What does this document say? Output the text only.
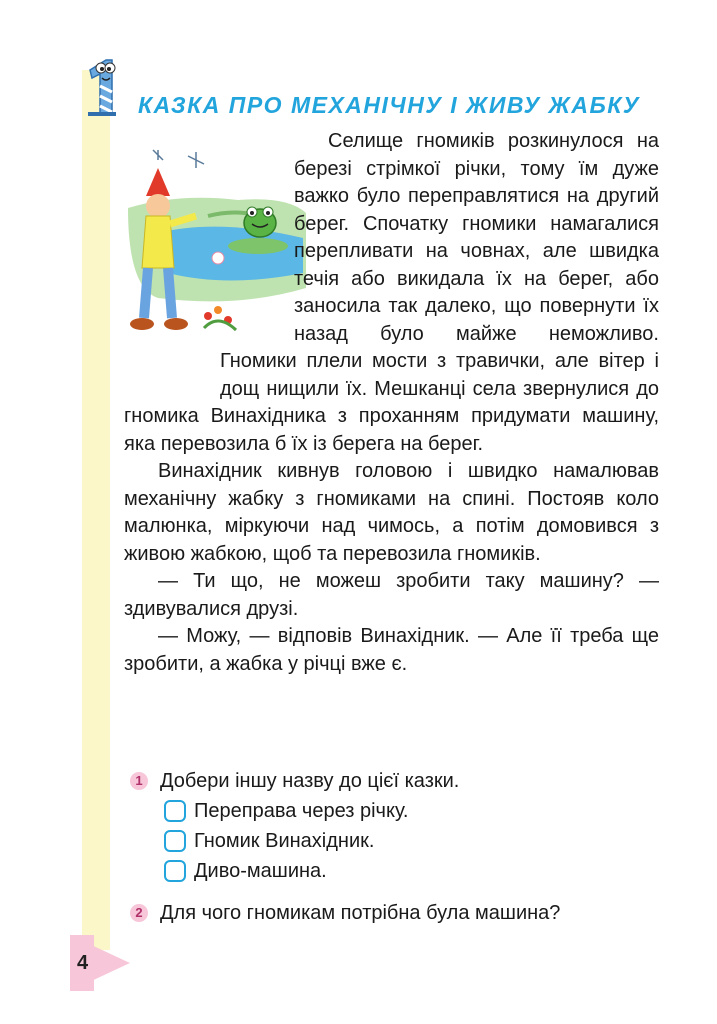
4
КАЗКА ПРО МЕХАНІЧНУ І ЖИВУ ЖАБКУ

Селище гномиків розкинулося на березі стрімкої річки, тому їм дуже важко було переправлятися на другий берег. Спочатку гномики намагалися перепливати на човнах, але швидка течія або викидала їх на берег, або заносила так далеко, що повернути їх назад було майже неможливо. Гномики плели мости з травички, але вітер і дощ нищили їх. Мешканці села звернулися до гномика Винахідника з проханням придумати машину, яка перевозила б їх із берега на берег.

Винахідник кивнув головою і швидко намалював механічну жабку з гномиками на спині. Постояв коло малюнка, міркуючи над чимось, а потім домовився з живою жабкою, щоб та перевозила гномиків.

— Ти що, не можеш зробити таку машину? — здивувалися друзі.

— Можу, — відповів Винахідник. — Але її треба ще зробити, а жабка у річці вже є.

1 Добери іншу назву до цієї казки.
Переправа через річку.
Гномик Винахідник.
Диво-машина.
2 Для чого гномикам потрібна була машина?
